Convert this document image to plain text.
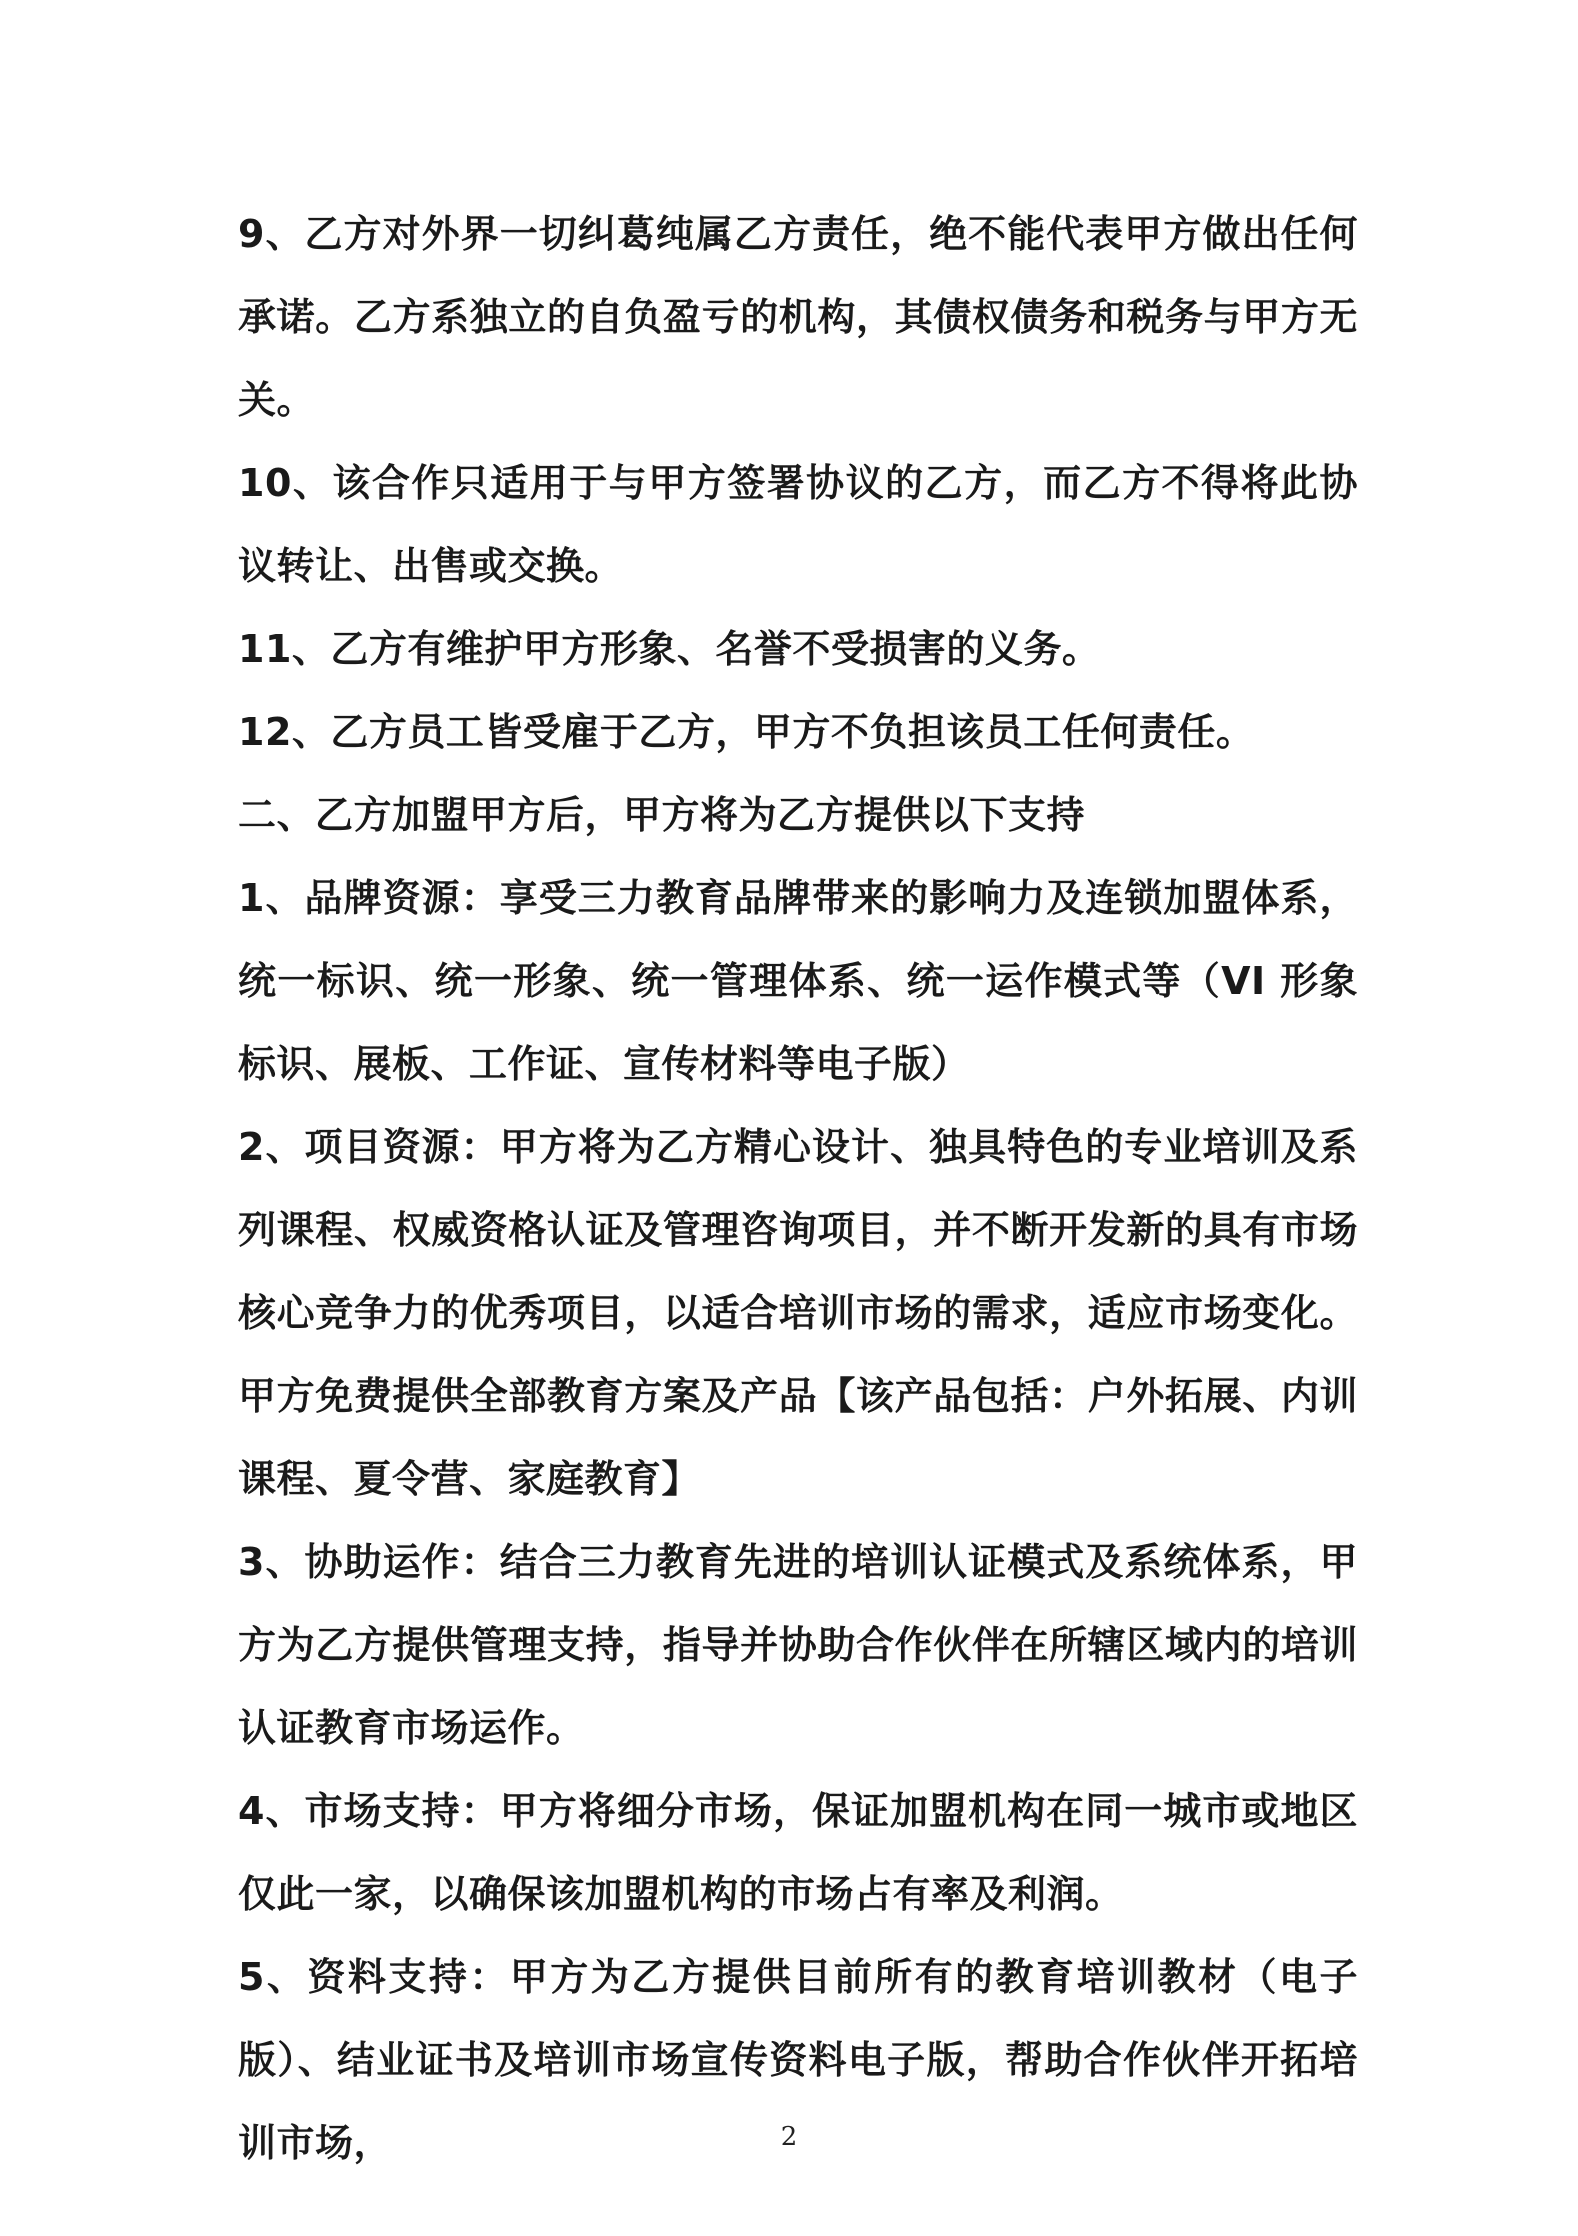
9、乙方对外界一切纠葛纯属乙方责任，绝不能代表甲方做出任何承诺。乙方系独立的自负盈亏的机构，其债权债务和税务与甲方无关。

10、该合作只适用于与甲方签署协议的乙方，而乙方不得将此协议转让、出售或交换。

11、乙方有维护甲方形象、名誉不受损害的义务。

12、乙方员工皆受雇于乙方，甲方不负担该员工任何责任。

二、乙方加盟甲方后，甲方将为乙方提供以下支持

1、品牌资源：享受三力教育品牌带来的影响力及连锁加盟体系，统一标识、统一形象、统一管理体系、统一运作模式等（VI 形象标识、展板、工作证、宣传材料等电子版）

2、项目资源：甲方将为乙方精心设计、独具特色的专业培训及系列课程、权威资格认证及管理咨询项目，并不断开发新的具有市场核心竞争力的优秀项目，以适合培训市场的需求，适应市场变化。甲方免费提供全部教育方案及产品【该产品包括：户外拓展、内训课程、夏令营、家庭教育】

3、协助运作：结合三力教育先进的培训认证模式及系统体系，甲方为乙方提供管理支持，指导并协助合作伙伴在所辖区域内的培训认证教育市场运作。

4、市场支持：甲方将细分市场，保证加盟机构在同一城市或地区仅此一家，以确保该加盟机构的市场占有率及利润。

5、资料支持：甲方为乙方提供目前所有的教育培训教材（电子版）、结业证书及培训市场宣传资料电子版，帮助合作伙伴开拓培训市场，	2
